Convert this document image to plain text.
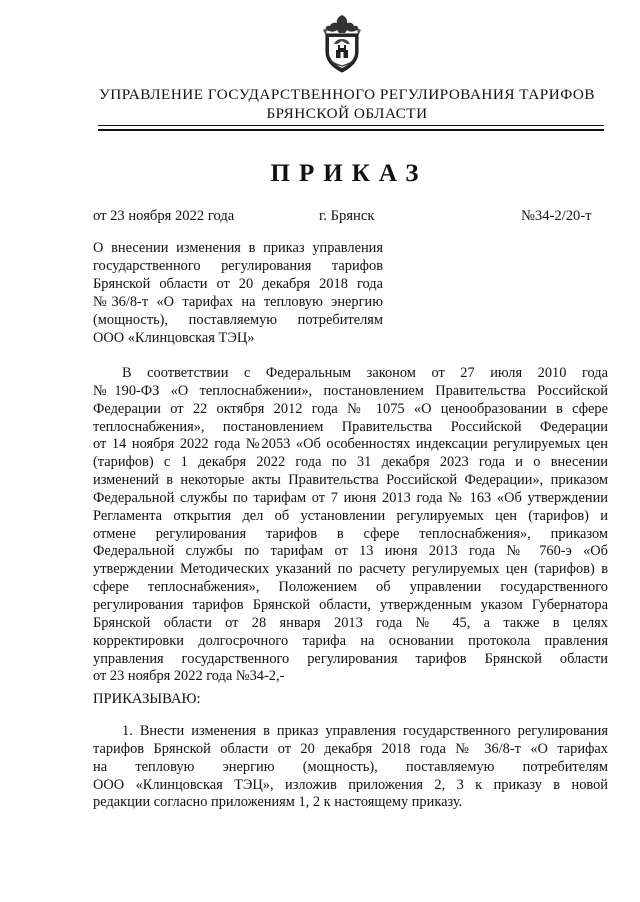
УПРАВЛЕНИЕ ГОСУДАРСТВЕННОГО РЕГУЛИРОВАНИЯ ТАРИФОВ
БРЯНСКОЙ ОБЛАСТИ
ПРИКАЗ
от 23 ноября 2022 года	г. Брянск	№34-2/20-т
О внесении изменения в приказ управления
государственного регулирования тарифов
Брянской области от 20 декабря 2018 года
№36/8-т «О тарифах на тепловую энергию
(мощность), поставляемую потребителям
ООО «Клинцовская ТЭЦ»
В соответствии с Федеральным законом от 27 июля 2010 года
№190-ФЗ «О теплоснабжении», постановлением Правительства Российской
Федерации от 22 октября 2012 года № 1075 «О ценообразовании в сфере
теплоснабжения», постановлением Правительства Российской Федерации
от 14 ноября 2022 года №2053 «Об особенностях индексации регулируемых цен
(тарифов) с 1 декабря 2022 года по 31 декабря 2023 года и о внесении
изменений в некоторые акты Правительства Российской Федерации», приказом
Федеральной службы по тарифам от 7 июня 2013 года № 163 «Об утверждении
Регламента открытия дел об установлении регулируемых цен (тарифов) и
отмене регулирования тарифов в сфере теплоснабжения», приказом
Федеральной службы по тарифам от 13 июня 2013 года № 760-э «Об
утверждении Методических указаний по расчету регулируемых цен (тарифов) в
сфере теплоснабжения», Положением об управлении государственного
регулирования тарифов Брянской области, утвержденным указом Губернатора
Брянской области от 28 января 2013 года № 45, а также в целях
корректировки долгосрочного тарифа на основании протокола правления
управления государственного регулирования тарифов Брянской области
от 23 ноября 2022 года №34-2,-
ПРИКАЗЫВАЮ:
1. Внести изменения в приказ управления государственного регулирования
тарифов Брянской области от 20 декабря 2018 года № 36/8-т «О тарифах
на тепловую энергию (мощность), поставляемую потребителям
ООО «Клинцовская ТЭЦ», изложив приложения 2, 3 к приказу в новой
редакции согласно приложениям 1, 2 к настоящему приказу.
